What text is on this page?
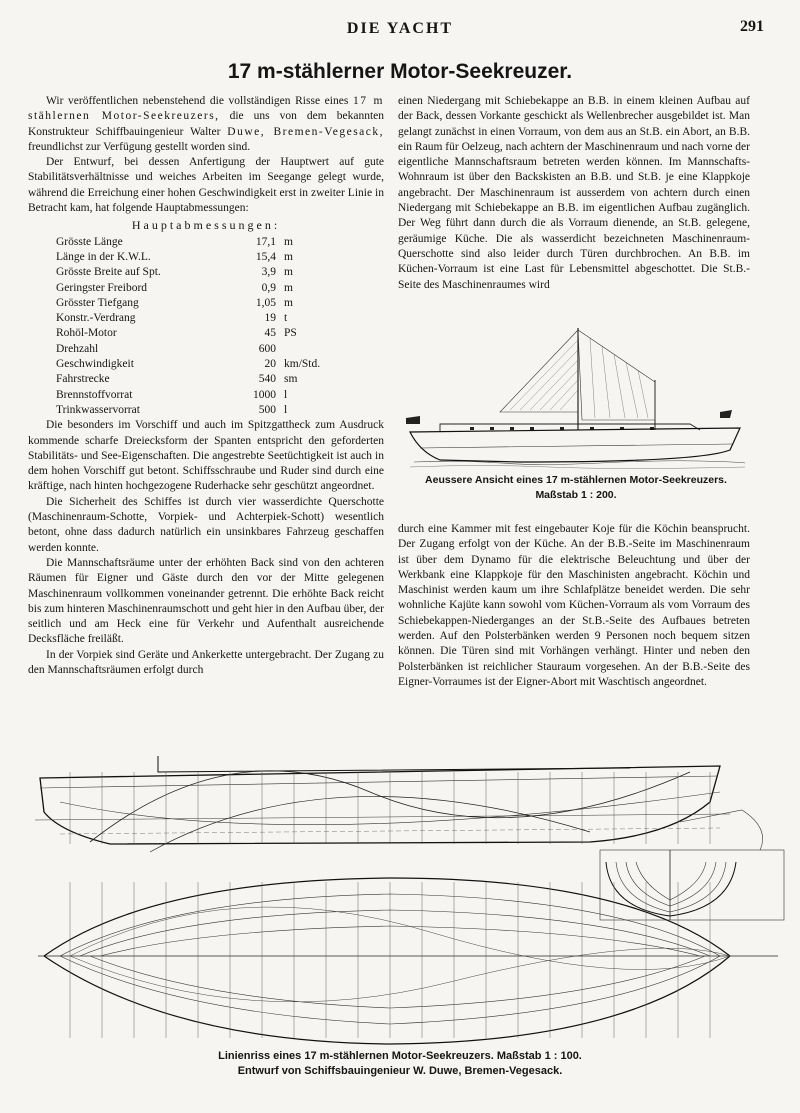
DIE YACHT	291
17 m-stählerner Motor-Seekreuzer.

Wir veröffentlichen nebenstehend die vollständigen Risse eines 17 m stählernen Motor-Seekreuzers, die uns von dem bekannten Konstrukteur Schiffbauingenieur Walter Duwe, Bremen-Vegesack, freundlichst zur Verfügung gestellt worden sind.

Der Entwurf, bei dessen Anfertigung der Hauptwert auf gute Stabilitätsverhältnisse und weiches Arbeiten im Seegange gelegt wurde, während die Erreichung einer hohen Geschwindigkeit erst in zweiter Linie in Betracht kam, hat folgende Hauptabmessungen:

Hauptabmessungen:
Grösste Länge	17,1	m
Länge in der K.W.L.	15,4	m
Grösste Breite auf Spt.	3,9	m
Geringster Freibord	0,9	m
Grösster Tiefgang	1,05	m
Konstr.-Verdrang	19	t
Rohöl-Motor	45	PS
Drehzahl	600	
Geschwindigkeit	20	km/Std.
Fahrstrecke	540	sm
Brennstoffvorrat	1000	l
Trinkwasservorrat	500	l

Die besonders im Vorschiff und auch im Spitzgattheck zum Ausdruck kommende scharfe Dreiecksform der Spanten entspricht den geforderten Stabilitäts- und See-Eigenschaften. Die angestrebte Seetüchtigkeit ist auch in dem hohen Vorschiff gut betont. Schiffsschraube und Ruder sind durch eine kräftige, nach hinten hochgezogene Ruderhacke sehr geschützt angeordnet.

Die Sicherheit des Schiffes ist durch vier wasserdichte Querschotte (Maschinenraum-Schotte, Vorpiek- und Achterpiek-Schott) wesentlich betont, ohne dass dadurch natürlich ein unsinkbares Fahrzeug geschaffen werden konnte.

Die Mannschaftsräume unter der erhöhten Back sind von den achteren Räumen für Eigner und Gäste durch den vor der Mitte gelegenen Maschinenraum vollkommen voneinander getrennt. Die erhöhte Back reicht bis zum hinteren Maschinenraumschott und geht hier in den Aufbau über, der seitlich und am Heck eine für Verkehr und Aufenthalt ausreichende Decksfläche freiläßt.

In der Vorpiek sind Geräte und Ankerkette untergebracht. Der Zugang zu den Mannschaftsräumen erfolgt durch

einen Niedergang mit Schiebekappe an B.B. in einem kleinen Aufbau auf der Back, dessen Vorkante geschickt als Wellenbrecher ausgebildet ist. Man gelangt zunächst in einen Vorraum, von dem aus an St.B. ein Abort, an B.B. ein Raum für Oelzeug, nach achtern der Maschinenraum und nach vorne der eigentliche Mannschaftsraum betreten werden können. Im Mannschafts-Wohnraum ist über den Backskisten an B.B. und St.B. je eine Klappkoje angebracht. Der Maschinenraum ist ausserdem von achtern durch einen Niedergang mit Schiebekappe an B.B. im eigentlichen Aufbau zugänglich. Der Weg führt dann durch die als Vorraum dienende, an St.B. gelegene, geräumige Küche. Die als wasserdicht bezeichneten Maschinenraum-Querschotte sind also leider durch Türen durchbrochen. An B.B. im Küchen-Vorraum ist eine Last für Lebensmittel abgeschottet. Die St.B.-Seite des Maschinenraumes wird

Aeussere Ansicht eines 17 m-stählernen Motor-Seekreuzers.
Maßstab 1 : 200.

durch eine Kammer mit fest eingebauter Koje für die Köchin beansprucht. Der Zugang erfolgt von der Küche. An der B.B.-Seite im Maschinenraum ist über dem Dynamo für die elektrische Beleuchtung und über der Werkbank eine Klappkoje für den Maschinisten angebracht. Köchin und Maschinist werden kaum um ihre Schlafplätze beneidet werden. Die sehr wohnliche Kajüte kann sowohl vom Küchen-Vorraum als vom Vorraum des Schiebekappen-Niederganges an der St.B.-Seite des Aufbaues betreten werden. Auf den Polsterbänken werden 9 Personen noch bequem sitzen können. Die Türen sind mit Vorhängen verhängt. Hinter und neben den Polsterbänken ist reichlicher Stauraum vorgesehen. An der B.B.-Seite des Eigner-Vorraumes ist der Eigner-Abort mit Waschtisch angeordnet.

Linienriss eines 17 m-stählernen Motor-Seekreuzers. Maßstab 1 : 100.
Entwurf von Schiffsbauingenieur W. Duwe, Bremen-Vegesack.
